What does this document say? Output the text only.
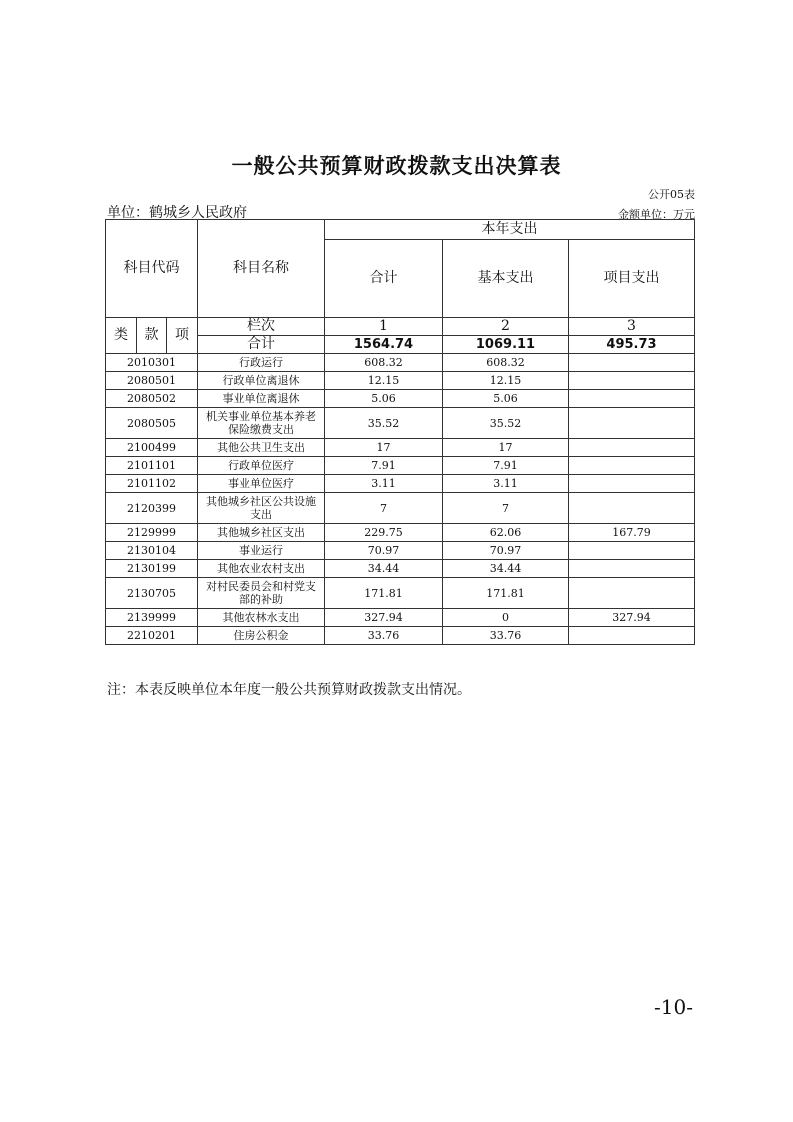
一般公共预算财政拨款支出决算表
公开05表
单位：鹤城乡人民政府	金额单位：万元
科目代码			科目名称	本年支出		
				合计	基本支出	项目支出
类	款	项	栏次	1	2	3
			合计	1564.74	1069.11	495.73
2010301			行政运行	608.32	608.32	
2080501			行政单位离退休	12.15	12.15	
2080502			事业单位离退休	5.06	5.06	
2080505			机关事业单位基本养老保险缴费支出	35.52	35.52	
2100499			其他公共卫生支出	17	17	
2101101			行政单位医疗	7.91	7.91	
2101102			事业单位医疗	3.11	3.11	
2120399			其他城乡社区公共设施支出	7	7	
2129999			其他城乡社区支出	229.75	62.06	167.79
2130104			事业运行	70.97	70.97	
2130199			其他农业农村支出	34.44	34.44	
2130705			对村民委员会和村党支部的补助	171.81	171.81	
2139999			其他农林水支出	327.94	0	327.94
2210201			住房公积金	33.76	33.76	
注：本表反映单位本年度一般公共预算财政拨款支出情况。
-10-
